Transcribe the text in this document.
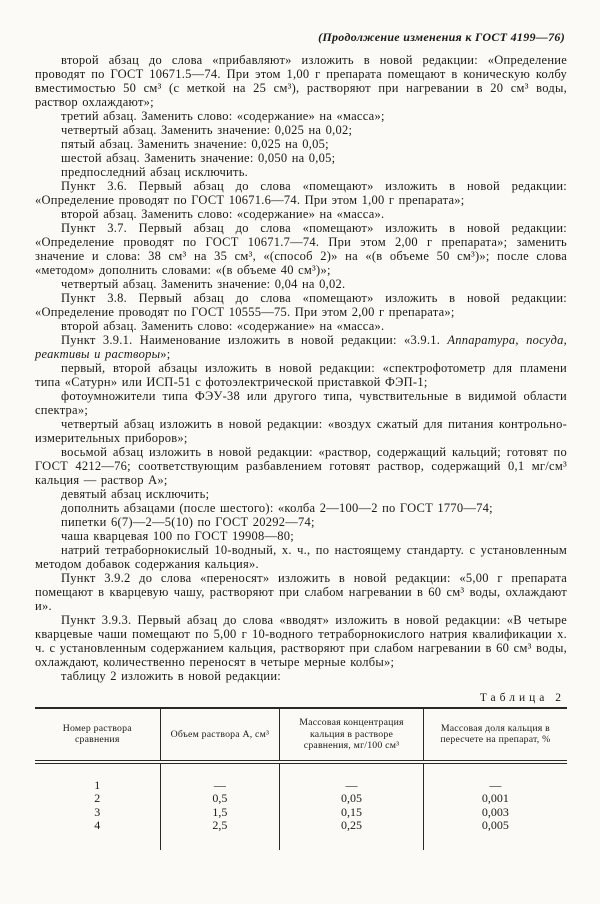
(Продолжение изменения к ГОСТ 4199—76)

второй абзац до слова «прибавляют» изложить в новой редакции: «Определение проводят по ГОСТ 10671.5—74. При этом 1,00 г препарата помещают в коническую колбу вместимостью 50 см³ (с меткой на 25 см³), растворяют при нагревании в 20 см³ воды, раствор охлаждают»;

третий абзац. Заменить слово: «содержание» на «масса»;

четвертый абзац. Заменить значение: 0,025 на 0,02;

пятый абзац. Заменить значение: 0,025 на 0,05;

шестой абзац. Заменить значение: 0,050 на 0,05;

предпоследний абзац исключить.

Пункт 3.6. Первый абзац до слова «помещают» изложить в новой редакции: «Определение проводят по ГОСТ 10671.6—74. При этом 1,00 г препарата»;

второй абзац. Заменить слово: «содержание» на «масса».

Пункт 3.7. Первый абзац до слова «помещают» изложить в новой редакции: «Определение проводят по ГОСТ 10671.7—74. При этом 2,00 г препарата»; заменить значение и слова: 38 см³ на 35 см³, «(способ 2)» на «(в объеме 50 см³)»; после слова «методом» дополнить словами: «(в объеме 40 см³)»;

четвертый абзац. Заменить значение: 0,04 на 0,02.

Пункт 3.8. Первый абзац до слова «помещают» изложить в новой редакции: «Определение проводят по ГОСТ 10555—75. При этом 2,00 г препарата»;

второй абзац. Заменить слово: «содержание» на «масса».

Пункт 3.9.1. Наименование изложить в новой редакции: «3.9.1. Аппаратура, посуда, реактивы и растворы»;

первый, второй абзацы изложить в новой редакции: «спектрофотометр для пламени типа «Сатурн» или ИСП-51 с фотоэлектрической приставкой ФЭП-1;

фотоумножители типа ФЭУ-38 или другого типа, чувствительные в видимой области спектра»;

четвертый абзац изложить в новой редакции: «воздух сжатый для питания контрольно-измерительных приборов»;

восьмой абзац изложить в новой редакции: «раствор, содержащий кальций; готовят по ГОСТ 4212—76; соответствующим разбавлением готовят раствор, содержащий 0,1 мг/см³ кальция — раствор А»;

девятый абзац исключить;

дополнить абзацами (после шестого): «колба 2—100—2 по ГОСТ 1770—74;

пипетки 6(7)—2—5(10) по ГОСТ 20292—74;

чаша кварцевая 100 по ГОСТ 19908—80;

натрий тетраборнокислый 10-водный, х. ч., по настоящему стандарту. с установленным методом добавок содержания кальция».

Пункт 3.9.2 до слова «переносят» изложить в новой редакции: «5,00 г препарата помещают в кварцевую чашу, растворяют при слабом нагревании в 60 см³ воды, охлаждают и».

Пункт 3.9.3. Первый абзац до слова «вводят» изложить в новой редакции: «В четыре кварцевые чаши помещают по 5,00 г 10-водного тетраборнокислого натрия квалификации х. ч. с установленным содержанием кальция, растворяют при слабом нагревании в 60 см³ воды, охлаждают, количественно переносят в четыре мерные колбы»;

таблицу 2 изложить в новой редакции:

Таблица 2
Номер раствора сравнения	Объем раствора А, см³	Массовая концентрация кальция в растворе сравнения, мг/100 см³	Массовая доля кальция в пересчете на препарат, %
1	—	—	—
2	0,5	0,05	0,001
3	1,5	0,15	0,003
4	2,5	0,25	0,005
